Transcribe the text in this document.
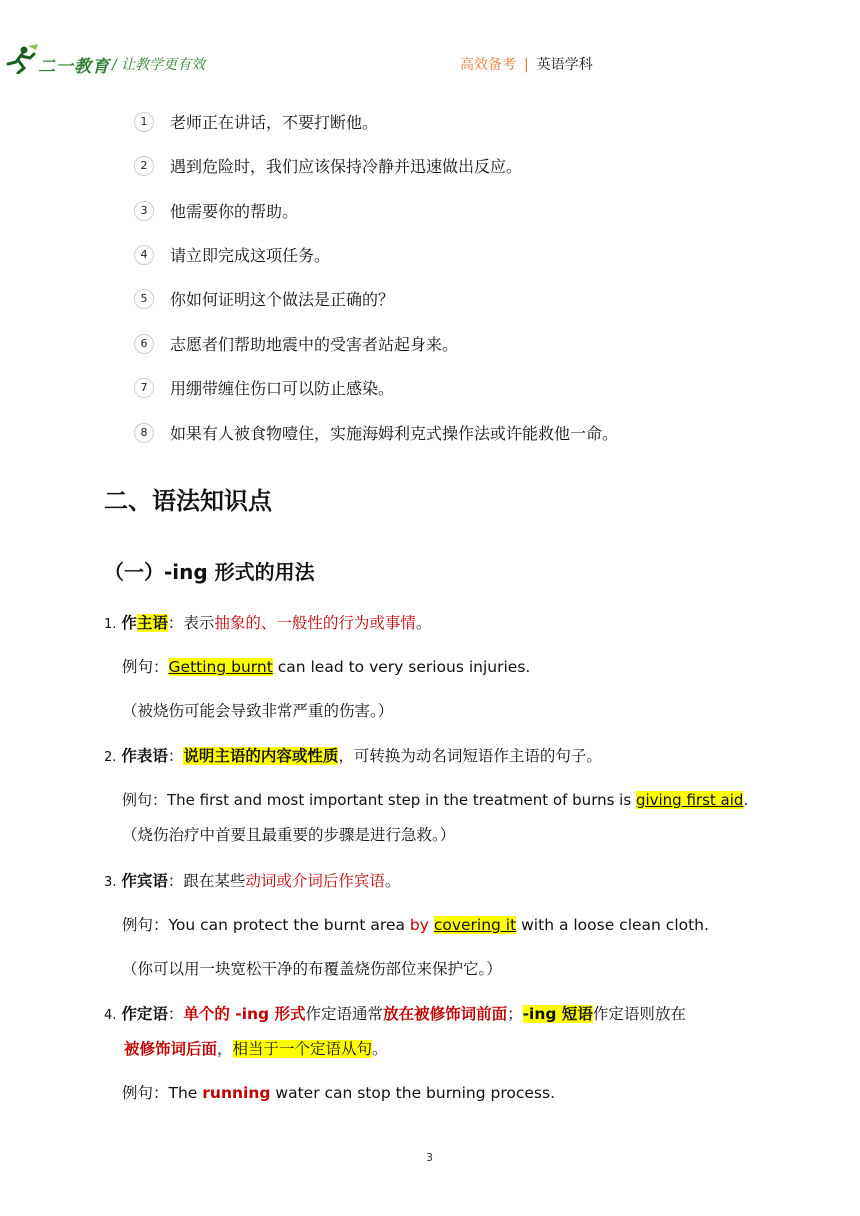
二一教育 / 让教学更有效	高效备考 | 英语学科
1	老师正在讲话，不要打断他。
2	遇到危险时，我们应该保持冷静并迅速做出反应。
3	他需要你的帮助。
4	请立即完成这项任务。
5	你如何证明这个做法是正确的？
6	志愿者们帮助地震中的受害者站起身来。
7	用绷带缠住伤口可以防止感染。
8	如果有人被食物噎住，实施海姆利克式操作法或许能救他一命。
二、语法知识点
（一）-ing 形式的用法
1. 作主语：表示抽象的、一般性的行为或事情。
例句：Getting burnt can lead to very serious injuries.
（被烧伤可能会导致非常严重的伤害。）
2. 作表语：说明主语的内容或性质，可转换为动名词短语作主语的句子。
例句：The first and most important step in the treatment of burns is giving first aid.
（烧伤治疗中首要且最重要的步骤是进行急救。）
3. 作宾语：跟在某些动词或介词后作宾语。
例句：You can protect the burnt area by covering it with a loose clean cloth.
（你可以用一块宽松干净的布覆盖烧伤部位来保护它。）
4. 作定语：单个的 -ing 形式作定语通常放在被修饰词前面；-ing 短语作定语则放在
被修饰词后面，相当于一个定语从句。
例句：The running water can stop the burning process.
3
